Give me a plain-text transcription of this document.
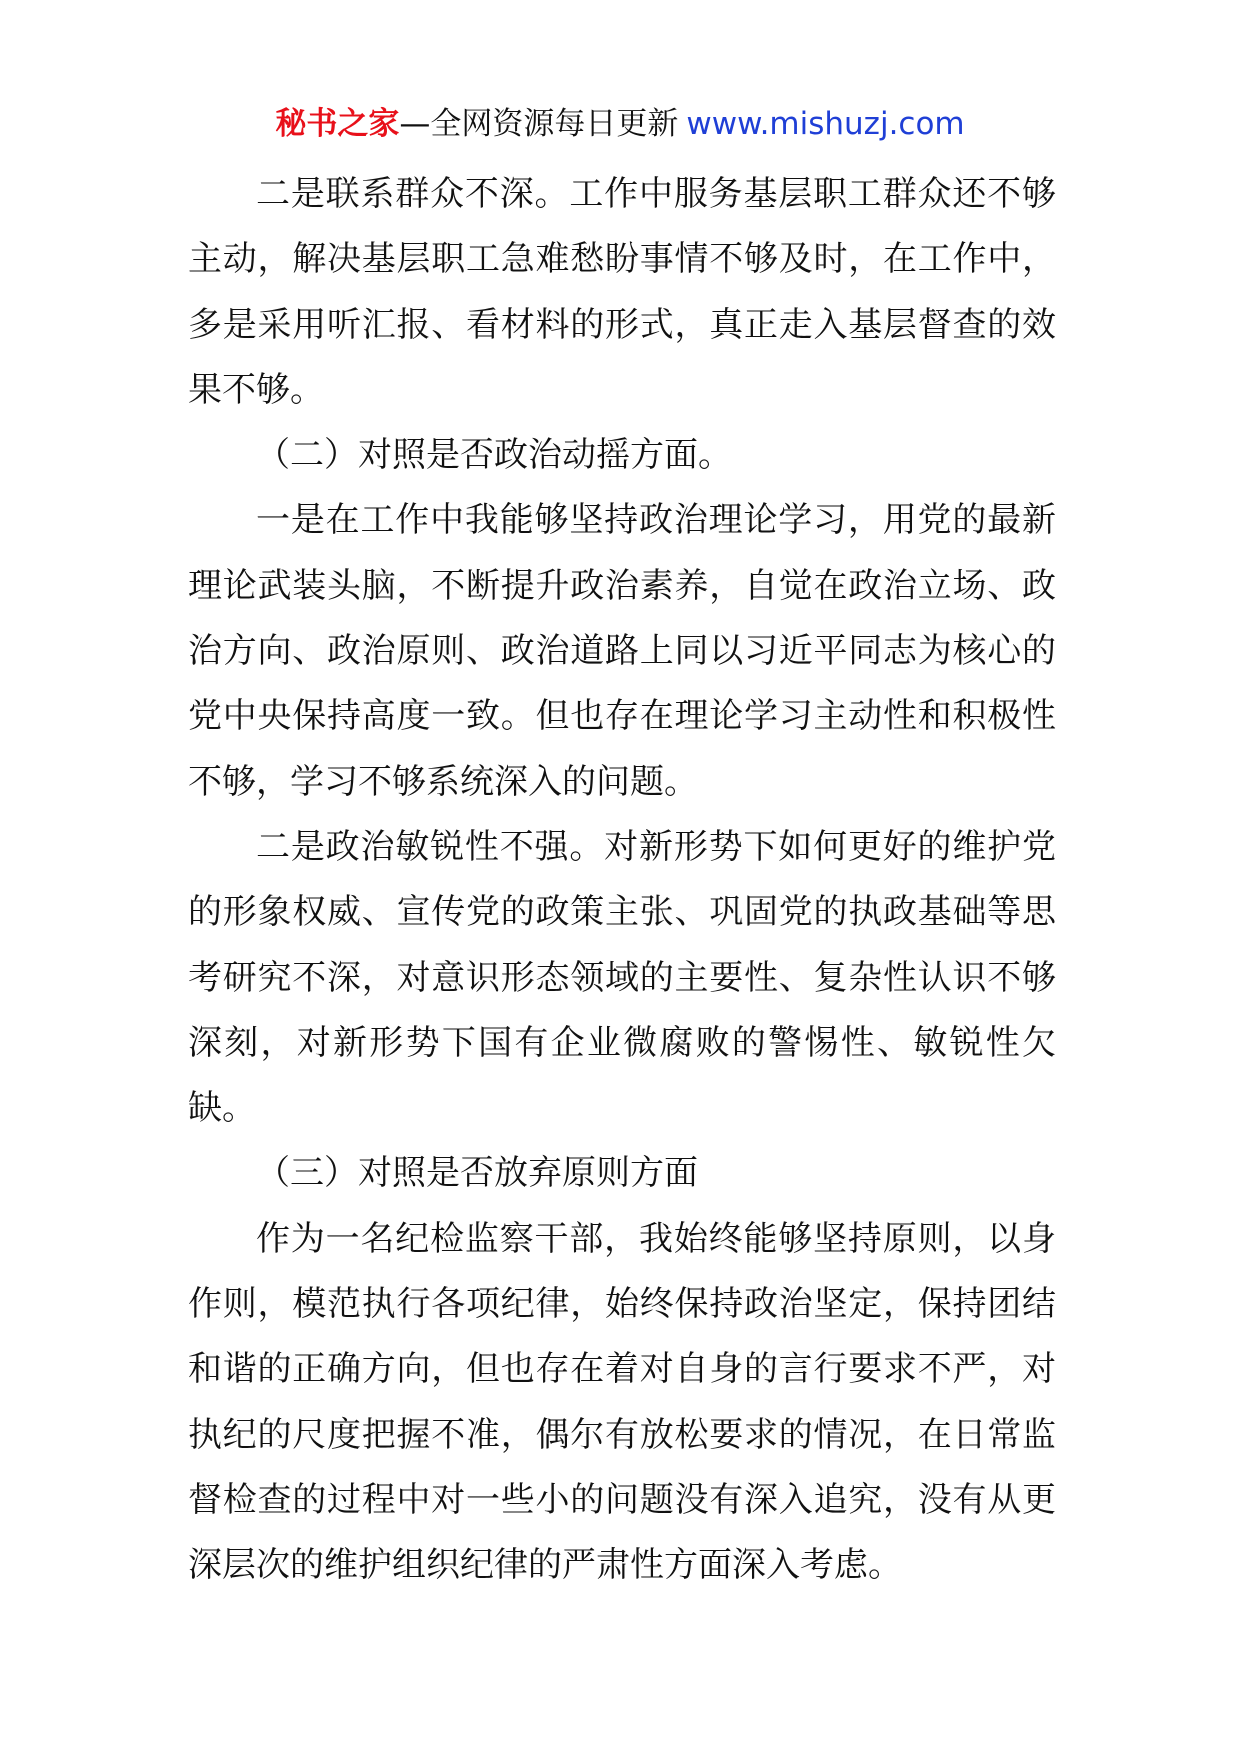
秘书之家—全网资源每日更新 www.mishuzj.com

二是联系群众不深。工作中服务基层职工群众还不够主动，解决基层职工急难愁盼事情不够及时，在工作中，多是采用听汇报、看材料的形式，真正走入基层督查的效果不够。

（二）对照是否政治动摇方面。

一是在工作中我能够坚持政治理论学习，用党的最新理论武装头脑，不断提升政治素养，自觉在政治立场、政治方向、政治原则、政治道路上同以习近平同志为核心的党中央保持高度一致。但也存在理论学习主动性和积极性不够，学习不够系统深入的问题。

二是政治敏锐性不强。对新形势下如何更好的维护党的形象权威、宣传党的政策主张、巩固党的执政基础等思考研究不深，对意识形态领域的主要性、复杂性认识不够深刻，对新形势下国有企业微腐败的警惕性、敏锐性欠缺。

（三）对照是否放弃原则方面

作为一名纪检监察干部，我始终能够坚持原则，以身作则，模范执行各项纪律，始终保持政治坚定，保持团结和谐的正确方向，但也存在着对自身的言行要求不严，对执纪的尺度把握不准，偶尔有放松要求的情况，在日常监督检查的过程中对一些小的问题没有深入追究，没有从更深层次的维护组织纪律的严肃性方面深入考虑。
